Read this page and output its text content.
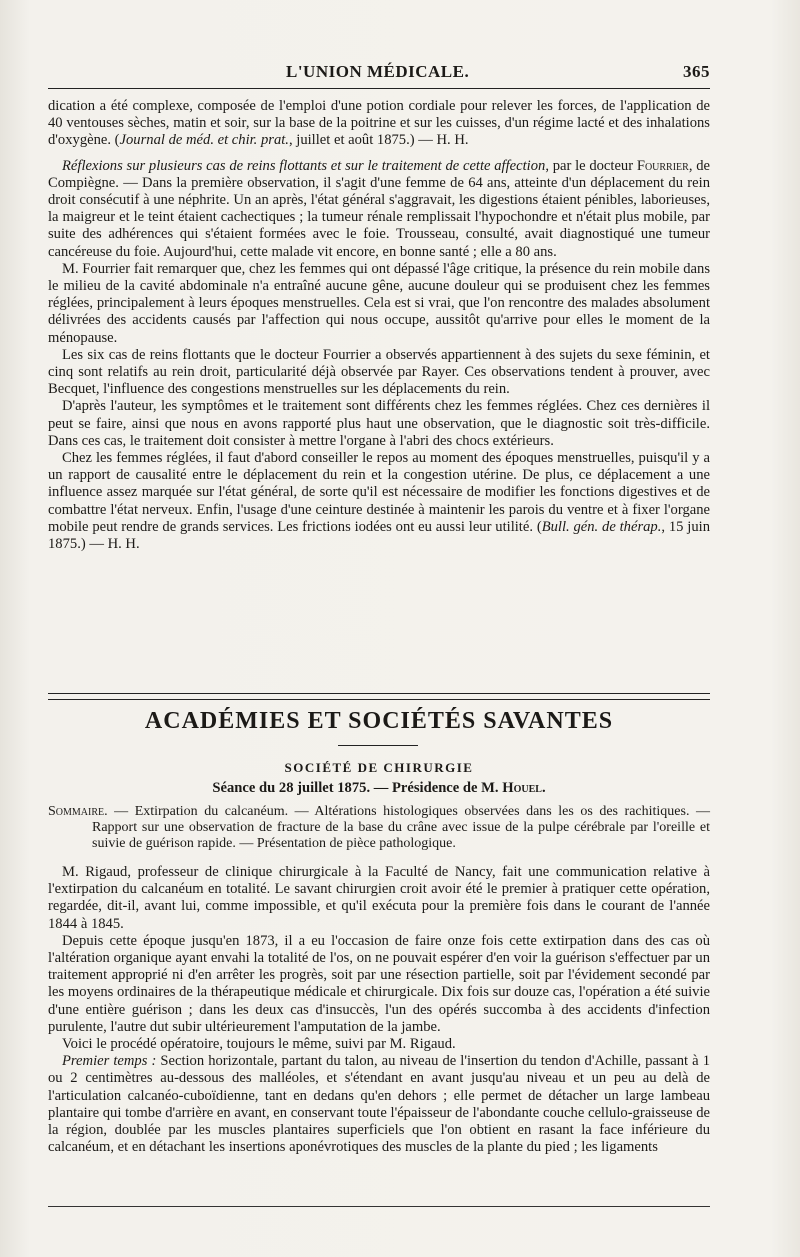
L'UNION MÉDICALE.	365

dication a été complexe, composée de l'emploi d'une potion cordiale pour relever les forces, de l'application de 40 ventouses sèches, matin et soir, sur la base de la poitrine et sur les cuisses, d'un régime lacté et des inhalations d'oxygène. (Journal de méd. et chir. prat., juillet et août 1875.) — H. H.

Réflexions sur plusieurs cas de reins flottants et sur le traitement de cette affection, par le docteur Fourrier, de Compiègne. — Dans la première observation, il s'agit d'une femme de 64 ans, atteinte d'un déplacement du rein droit consécutif à une néphrite. Un an après, l'état général s'aggravait, les digestions étaient pénibles, laborieuses, la maigreur et le teint étaient cachectiques ; la tumeur rénale remplissait l'hypochondre et n'était plus mobile, par suite des adhérences qui s'étaient formées avec le foie. Trousseau, consulté, avait diagnostiqué une tumeur cancéreuse du foie. Aujourd'hui, cette malade vit encore, en bonne santé ; elle a 80 ans.

M. Fourrier fait remarquer que, chez les femmes qui ont dépassé l'âge critique, la présence du rein mobile dans le milieu de la cavité abdominale n'a entraîné aucune gêne, aucune douleur qui se produisent chez les femmes réglées, principalement à leurs époques menstruelles. Cela est si vrai, que l'on rencontre des malades absolument délivrées des accidents causés par l'affection qui nous occupe, aussitôt qu'arrive pour elles le moment de la ménopause.

Les six cas de reins flottants que le docteur Fourrier a observés appartiennent à des sujets du sexe féminin, et cinq sont relatifs au rein droit, particularité déjà observée par Rayer. Ces observations tendent à prouver, avec Becquet, l'influence des congestions menstruelles sur les déplacements du rein.

D'après l'auteur, les symptômes et le traitement sont différents chez les femmes réglées. Chez ces dernières il peut se faire, ainsi que nous en avons rapporté plus haut une observation, que le diagnostic soit très-difficile. Dans ces cas, le traitement doit consister à mettre l'organe à l'abri des chocs extérieurs.

Chez les femmes réglées, il faut d'abord conseiller le repos au moment des époques menstruelles, puisqu'il y a un rapport de causalité entre le déplacement du rein et la congestion utérine. De plus, ce déplacement a une influence assez marquée sur l'état général, de sorte qu'il est nécessaire de modifier les fonctions digestives et de combattre l'état nerveux. Enfin, l'usage d'une ceinture destinée à maintenir les parois du ventre et à fixer l'organe mobile peut rendre de grands services. Les frictions iodées ont eu aussi leur utilité. (Bull. gén. de thérap., 15 juin 1875.) — H. H.

ACADÉMIES ET SOCIÉTÉS SAVANTES
SOCIÉTÉ DE CHIRURGIE
Séance du 28 juillet 1875. — Présidence de M. Houel.

Sommaire. — Extirpation du calcanéum. — Altérations histologiques observées dans les os des rachitiques. — Rapport sur une observation de fracture de la base du crâne avec issue de la pulpe cérébrale par l'oreille et suivie de guérison rapide. — Présentation de pièce pathologique.

M. Rigaud, professeur de clinique chirurgicale à la Faculté de Nancy, fait une communication relative à l'extirpation du calcanéum en totalité. Le savant chirurgien croit avoir été le premier à pratiquer cette opération, regardée, dit-il, avant lui, comme impossible, et qu'il exécuta pour la première fois dans le courant de l'année 1844 à 1845.

Depuis cette époque jusqu'en 1873, il a eu l'occasion de faire onze fois cette extirpation dans des cas où l'altération organique ayant envahi la totalité de l'os, on ne pouvait espérer d'en voir la guérison s'effectuer par un traitement approprié ni d'en arrêter les progrès, soit par une résection partielle, soit par l'évidement secondé par les moyens ordinaires de la thérapeutique médicale et chirurgicale. Dix fois sur douze cas, l'opération a été suivie d'une entière guérison ; dans les deux cas d'insuccès, l'un des opérés succomba à des accidents d'infection purulente, l'autre dut subir ultérieurement l'amputation de la jambe.

Voici le procédé opératoire, toujours le même, suivi par M. Rigaud.

Premier temps : Section horizontale, partant du talon, au niveau de l'insertion du tendon d'Achille, passant à 1 ou 2 centimètres au-dessous des malléoles, et s'étendant en avant jusqu'au niveau et un peu au delà de l'articulation calcanéo-cuboïdienne, tant en dedans qu'en dehors ; elle permet de détacher un large lambeau plantaire qui tombe d'arrière en avant, en conservant toute l'épaisseur de l'abondante couche cellulo-graisseuse de la région, doublée par les muscles plantaires superficiels que l'on obtient en rasant la face inférieure du calcanéum, et en détachant les insertions aponévrotiques des muscles de la plante du pied ; les ligaments
